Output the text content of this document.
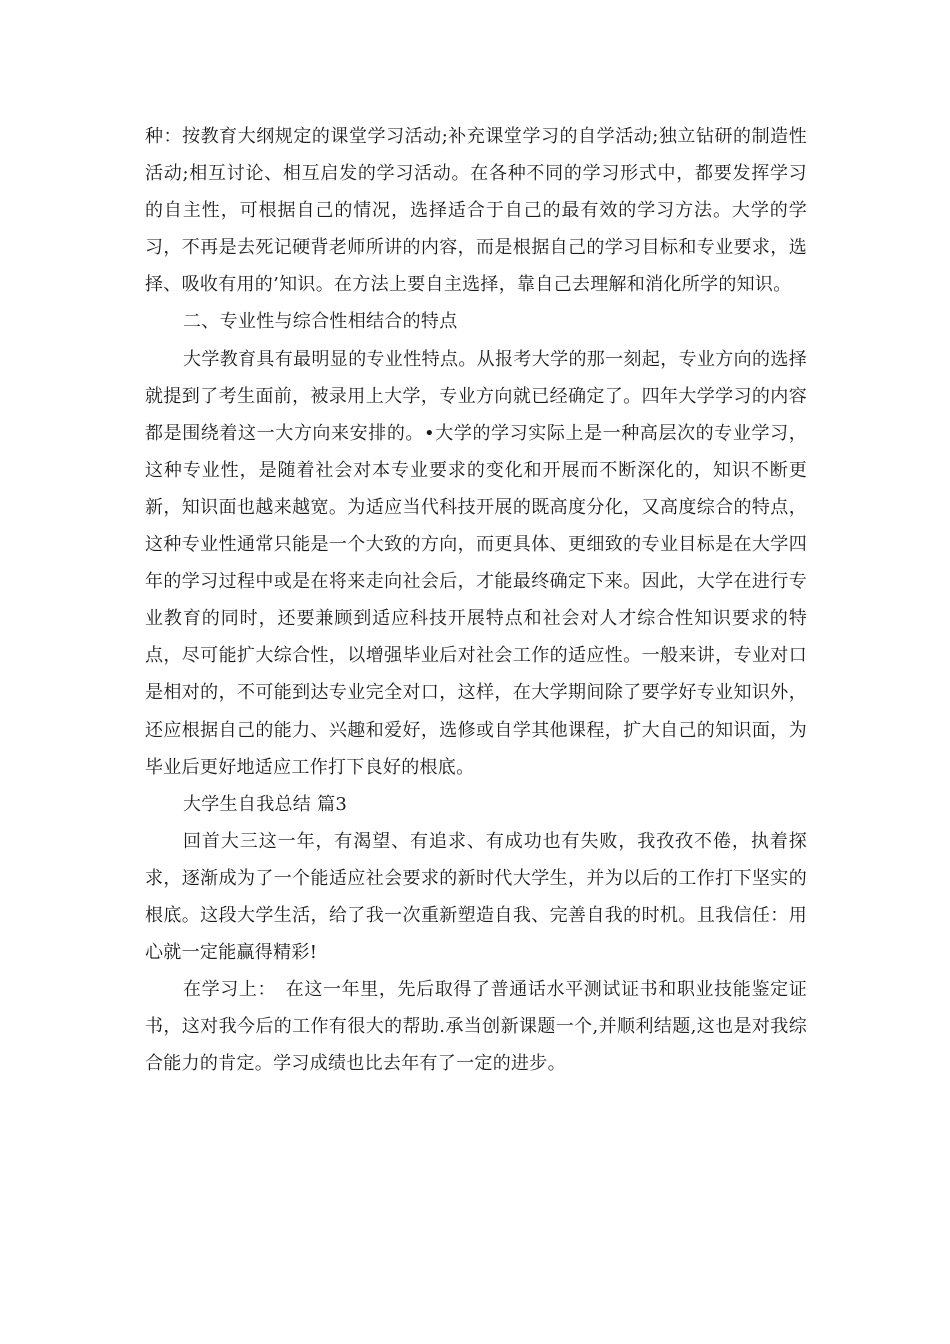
种：按教育大纲规定的课堂学习活动;补充课堂学习的自学活动;独立钻研的制造性活动;相互讨论、相互启发的学习活动。在各种不同的学习形式中，都要发挥学习的自主性，可根据自己的情况，选择适合于自己的最有效的学习方法。大学的学习，不再是去死记硬背老师所讲的内容，而是根据自己的学习目标和专业要求，选择、吸收有用的’知识。在方法上要自主选择，靠自己去理解和消化所学的知识。

二、专业性与综合性相结合的特点

大学教育具有最明显的专业性特点。从报考大学的那一刻起，专业方向的选择就提到了考生面前，被录用上大学，专业方向就已经确定了。四年大学学习的内容都是围绕着这一大方向来安排的。•大学的学习实际上是一种高层次的专业学习，这种专业性，是随着社会对本专业要求的变化和开展而不断深化的，知识不断更新，知识面也越来越宽。为适应当代科技开展的既高度分化，又高度综合的特点，这种专业性通常只能是一个大致的方向，而更具体、更细致的专业目标是在大学四年的学习过程中或是在将来走向社会后，才能最终确定下来。因此，大学在进行专业教育的同时，还要兼顾到适应科技开展特点和社会对人才综合性知识要求的特点，尽可能扩大综合性，以增强毕业后对社会工作的适应性。一般来讲，专业对口是相对的，不可能到达专业完全对口，这样，在大学期间除了要学好专业知识外，还应根据自己的能力、兴趣和爱好，选修或自学其他课程，扩大自己的知识面，为毕业后更好地适应工作打下良好的根底。

大学生自我总结 篇3

回首大三这一年，有渴望、有追求、有成功也有失败，我孜孜不倦，执着探求，逐渐成为了一个能适应社会要求的新时代大学生，并为以后的工作打下坚实的根底。这段大学生活，给了我一次重新塑造自我、完善自我的时机。且我信任：用心就一定能赢得精彩!

在学习上：　在这一年里，先后取得了普通话水平测试证书和职业技能鉴定证书，这对我今后的工作有很大的帮助.承当创新课题一个,并顺利结题,这也是对我综合能力的肯定。学习成绩也比去年有了一定的进步。
